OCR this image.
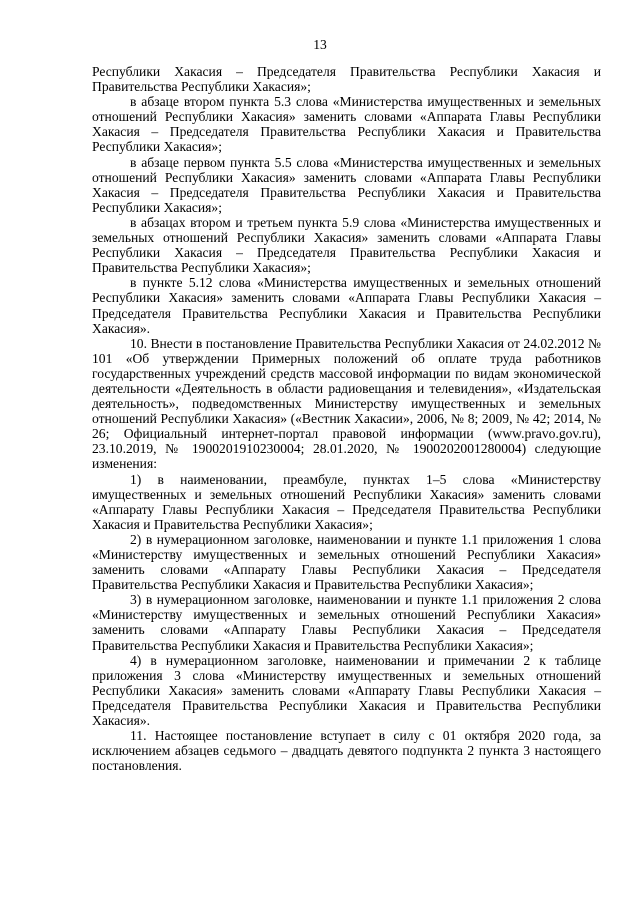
13

Республики Хакасия – Председателя Правительства Республики Хакасия и Правительства Республики Хакасия»;

в абзаце втором пункта 5.3 слова «Министерства имущественных и земельных отношений Республики Хакасия» заменить словами «Аппарата Главы Республики Хакасия – Председателя Правительства Республики Хакасия и Правительства Республики Хакасия»;

в абзаце первом пункта 5.5 слова «Министерства имущественных и земельных отношений Республики Хакасия» заменить словами «Аппарата Главы Республики Хакасия – Председателя Правительства Республики Хакасия и Правительства Республики Хакасия»;

в абзацах втором и третьем пункта 5.9 слова «Министерства имущественных и земельных отношений Республики Хакасия» заменить словами «Аппарата Главы Республики Хакасия – Председателя Правительства Республики Хакасия и Правительства Республики Хакасия»;

в пункте 5.12 слова «Министерства имущественных и земельных отношений Республики Хакасия» заменить словами «Аппарата Главы Республики Хакасия – Председателя Правительства Республики Хакасия и Правительства Республики Хакасия».

10. Внести в постановление Правительства Республики Хакасия от 24.02.2012 № 101 «Об утверждении Примерных положений об оплате труда работников государственных учреждений средств массовой информации по видам экономической деятельности «Деятельность в области радиовещания и телевидения», «Издательская деятельность», подведомственных Министерству имущественных и земельных отношений Республики Хакасия» («Вестник Хакасии», 2006, № 8; 2009, № 42; 2014, № 26; Официальный интернет-портал правовой информации (www.pravo.gov.ru), 23.10.2019, № 1900201910230004; 28.01.2020, № 1900202001280004) следующие изменения:

1) в наименовании, преамбуле, пунктах 1–5 слова «Министерству имущественных и земельных отношений Республики Хакасия» заменить словами «Аппарату Главы Республики Хакасия – Председателя Правительства Республики Хакасия и Правительства Республики Хакасия»;

2) в нумерационном заголовке, наименовании и пункте 1.1 приложения 1 слова «Министерству имущественных и земельных отношений Республики Хакасия» заменить словами «Аппарату Главы Республики Хакасия – Председателя Правительства Республики Хакасия и Правительства Республики Хакасия»;

3) в нумерационном заголовке, наименовании и пункте 1.1 приложения 2 слова «Министерству имущественных и земельных отношений Республики Хакасия» заменить словами «Аппарату Главы Республики Хакасия – Председателя Правительства Республики Хакасия и Правительства Республики Хакасия»;

4) в нумерационном заголовке, наименовании и примечании 2 к таблице приложения 3 слова «Министерству имущественных и земельных отношений Республики Хакасия» заменить словами «Аппарату Главы Республики Хакасия – Председателя Правительства Республики Хакасия и Правительства Республики Хакасия».

11. Настоящее постановление вступает в силу с 01 октября 2020 года, за исключением абзацев седьмого – двадцать девятого подпункта 2 пункта 3 настоящего постановления.
